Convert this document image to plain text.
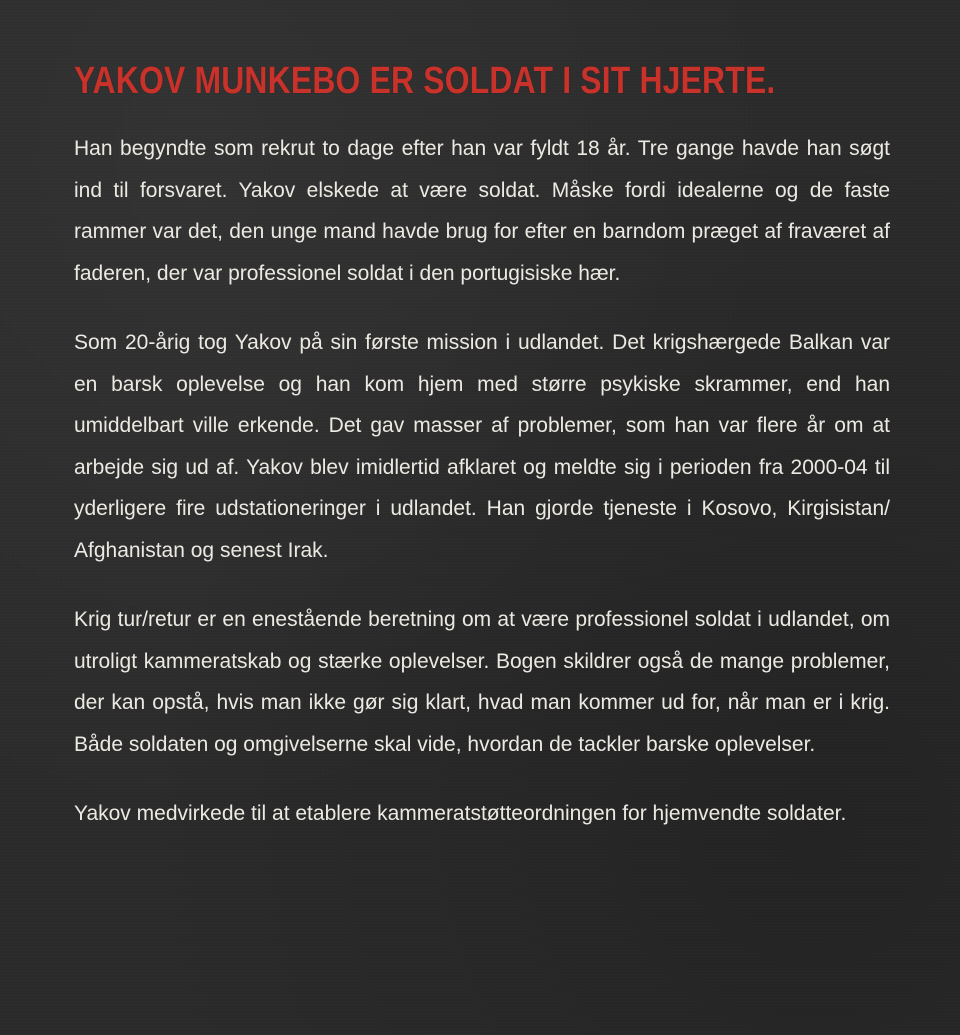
YAKOV MUNKEBO ER SOLDAT I SIT HJERTE.

Han begyndte som rekrut to dage efter han var fyldt 18 år. Tre gange havde han søgt ind til forsvaret. Yakov elskede at være soldat. Måske fordi idealerne og de faste rammer var det, den unge mand havde brug for efter en barndom præget af fraværet af faderen, der var professionel soldat i den portugisiske hær.

Som 20-årig tog Yakov på sin første mission i udlandet. Det krigshærgede Balkan var en barsk oplevelse og han kom hjem med større psykiske skrammer, end han umiddelbart ville erkende. Det gav masser af problemer, som han var flere år om at arbejde sig ud af. Yakov blev imidlertid afklaret og meldte sig i perioden fra 2000-04 til yderligere fire udstationeringer i udlandet. Han gjorde tjeneste i Kosovo, Kirgisistan/ Afghanistan og senest Irak.

Krig tur/retur er en enestående beretning om at være professionel soldat i udlandet, om utroligt kammeratskab og stærke oplevelser. Bogen skildrer også de mange problemer, der kan opstå, hvis man ikke gør sig klart, hvad man kommer ud for, når man er i krig. Både soldaten og omgivelserne skal vide, hvordan de tackler barske oplevelser.

Yakov medvirkede til at etablere kammeratstøtteordningen for hjemvendte soldater.
